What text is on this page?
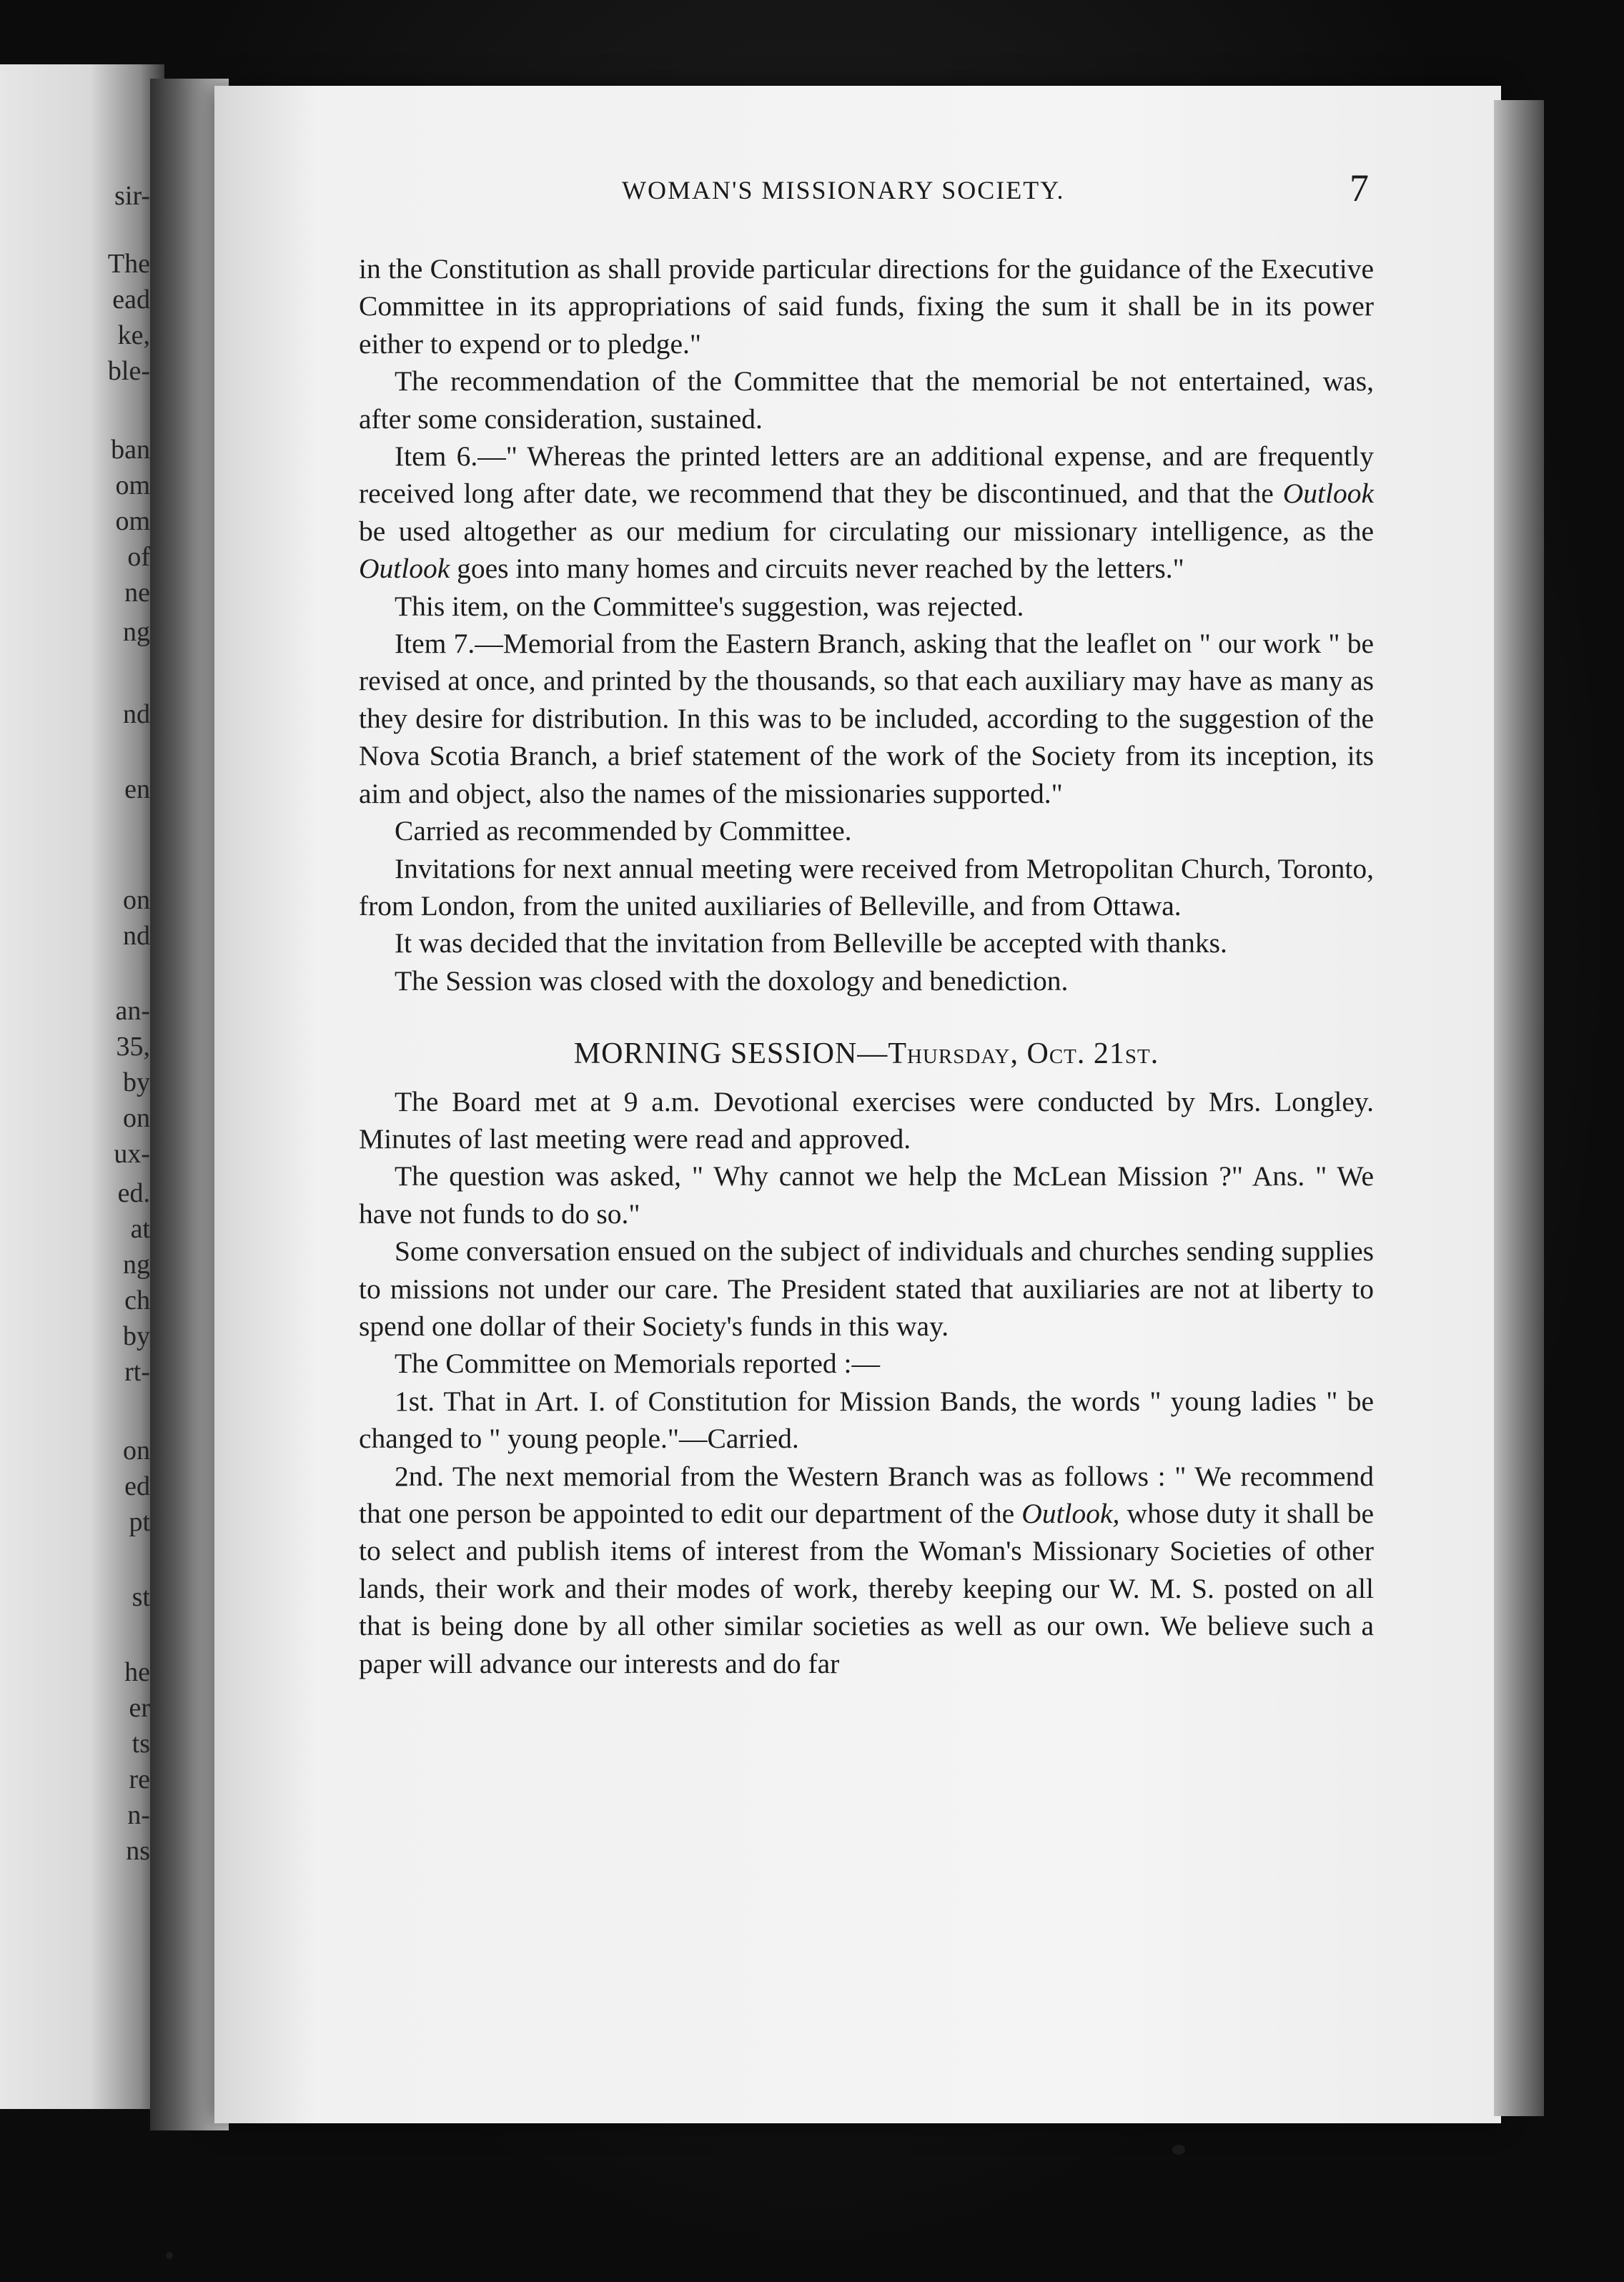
sir-
The
ead
ke,
ble-
ban
om
om
of
ne
ng
nd
en
on
nd
an-
35,
by
on
ux-
ed.
at
ng
ch
by
rt-
on
ed
pt
st
he
er
ts
re
n-
ns
WOMAN'S MISSIONARY SOCIETY.	7

in the Constitution as shall provide particular directions for the guidance of the Executive Committee in its appropriations of said funds, fixing the sum it shall be in its power either to expend or to pledge."

The recommendation of the Committee that the memorial be not entertained, was, after some consideration, sustained.

Item 6.—" Whereas the printed letters are an additional expense, and are frequently received long after date, we recommend that they be discontinued, and that the Outlook be used altogether as our medium for circulating our missionary intelligence, as the Outlook goes into many homes and circuits never reached by the letters."

This item, on the Committee's suggestion, was rejected.

Item 7.—Memorial from the Eastern Branch, asking that the leaflet on " our work " be revised at once, and printed by the thousands, so that each auxiliary may have as many as they desire for distribution. In this was to be included, according to the suggestion of the Nova Scotia Branch, a brief statement of the work of the Society from its inception, its aim and object, also the names of the missionaries supported."

Carried as recommended by Committee.

Invitations for next annual meeting were received from Metropolitan Church, Toronto, from London, from the united auxiliaries of Belleville, and from Ottawa.

It was decided that the invitation from Belleville be accepted with thanks.

The Session was closed with the doxology and benediction.

MORNING SESSION—Thursday, Oct. 21st.

The Board met at 9 a.m. Devotional exercises were conducted by Mrs. Longley. Minutes of last meeting were read and approved.

The question was asked, " Why cannot we help the McLean Mission ?" Ans. " We have not funds to do so."

Some conversation ensued on the subject of individuals and churches sending supplies to missions not under our care. The President stated that auxiliaries are not at liberty to spend one dollar of their Society's funds in this way.

The Committee on Memorials reported :—

1st. That in Art. I. of Constitution for Mission Bands, the words " young ladies " be changed to " young people."—Carried.

2nd. The next memorial from the Western Branch was as follows : " We recommend that one person be appointed to edit our department of the Outlook, whose duty it shall be to select and publish items of interest from the Woman's Missionary Societies of other lands, their work and their modes of work, thereby keeping our W. M. S. posted on all that is being done by all other similar societies as well as our own. We believe such a paper will advance our interests and do far
